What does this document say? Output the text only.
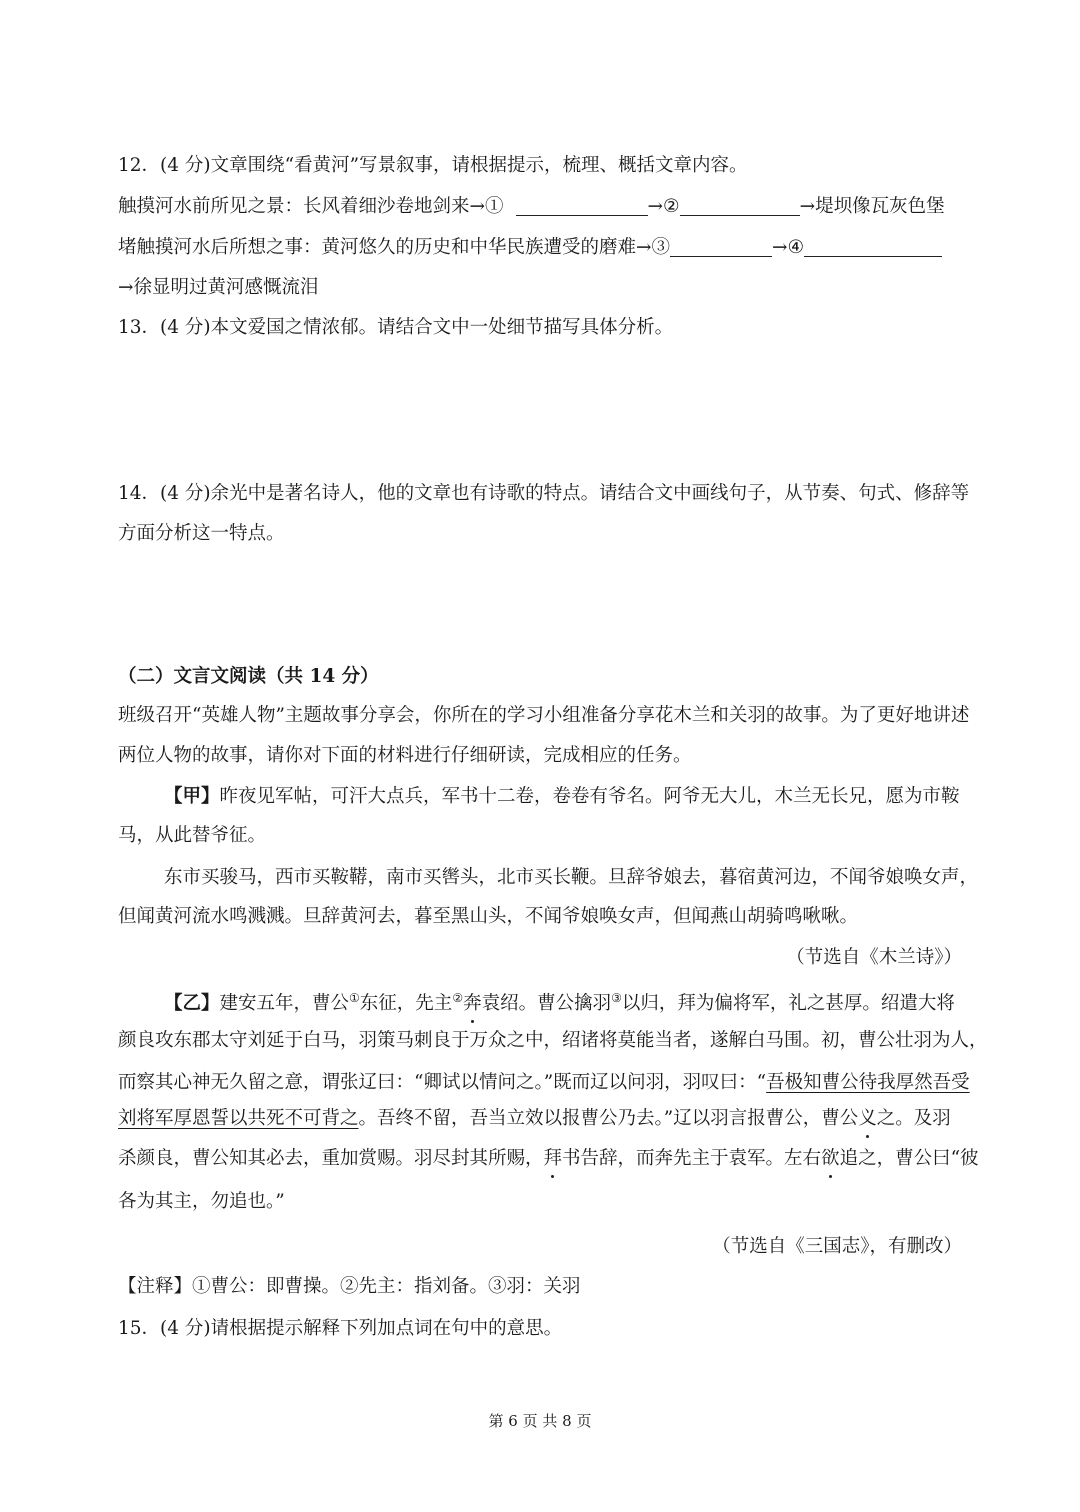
12．(4 分)文章围绕“看黄河”写景叙事，请根据提示，梳理、概括文章内容。
触摸河水前所见之景：长风着细沙卷地剑来→①	→②	→堤坝像瓦灰色堡
堵触摸河水后所想之事：黄河悠久的历史和中华民族遭受的磨难→③	→④
→徐显明过黄河感慨流泪
13．(4 分)本文爱国之情浓郁。请结合文中一处细节描写具体分析。
14．(4 分)余光中是著名诗人，他的文章也有诗歌的特点。请结合文中画线句子，从节奏、句式、修辞等
方面分析这一特点。
（二）文言文阅读（共 14 分）
班级召开“英雄人物”主题故事分享会，你所在的学习小组准备分享花木兰和关羽的故事。为了更好地讲述
两位人物的故事，请你对下面的材料进行仔细研读，完成相应的任务。
【甲】昨夜见军帖，可汗大点兵，军书十二卷，卷卷有爷名。阿爷无大儿，木兰无长兄，愿为市鞍
马，从此替爷征。
东市买骏马，西市买鞍鞯，南市买辔头，北市买长鞭。旦辞爷娘去，暮宿黄河边，不闻爷娘唤女声，
但闻黄河流水鸣溅溅。旦辞黄河去，暮至黑山头，不闻爷娘唤女声，但闻燕山胡骑鸣啾啾。
（节选自《木兰诗》）
【乙】建安五年，曹公①东征，先主②奔袁绍。曹公擒羽③以归，拜为偏将军，礼之甚厚。绍遣大将
颜良攻东郡太守刘延于白马，羽策马刺良于万众之中，绍诸将莫能当者，遂解白马围。初，曹公壮羽为人，
而察其心神无久留之意，谓张辽曰：“卿试以情问之。”既而辽以问羽，羽叹曰：“吾极知曹公待我厚然吾受
刘将军厚恩誓以共死不可背之。吾终不留，吾当立效以报曹公乃去。”辽以羽言报曹公，曹公义之。及羽
杀颜良，曹公知其必去，重加赏赐。羽尽封其所赐，拜书告辞，而奔先主于袁军。左右欲追之，曹公曰“彼
各为其主，勿追也。”
（节选自《三国志》，有删改）
【注释】①曹公：即曹操。②先主：指刘备。③羽：关羽
15．(4 分)请根据提示解释下列加点词在句中的意思。
第 6 页 共 8 页
